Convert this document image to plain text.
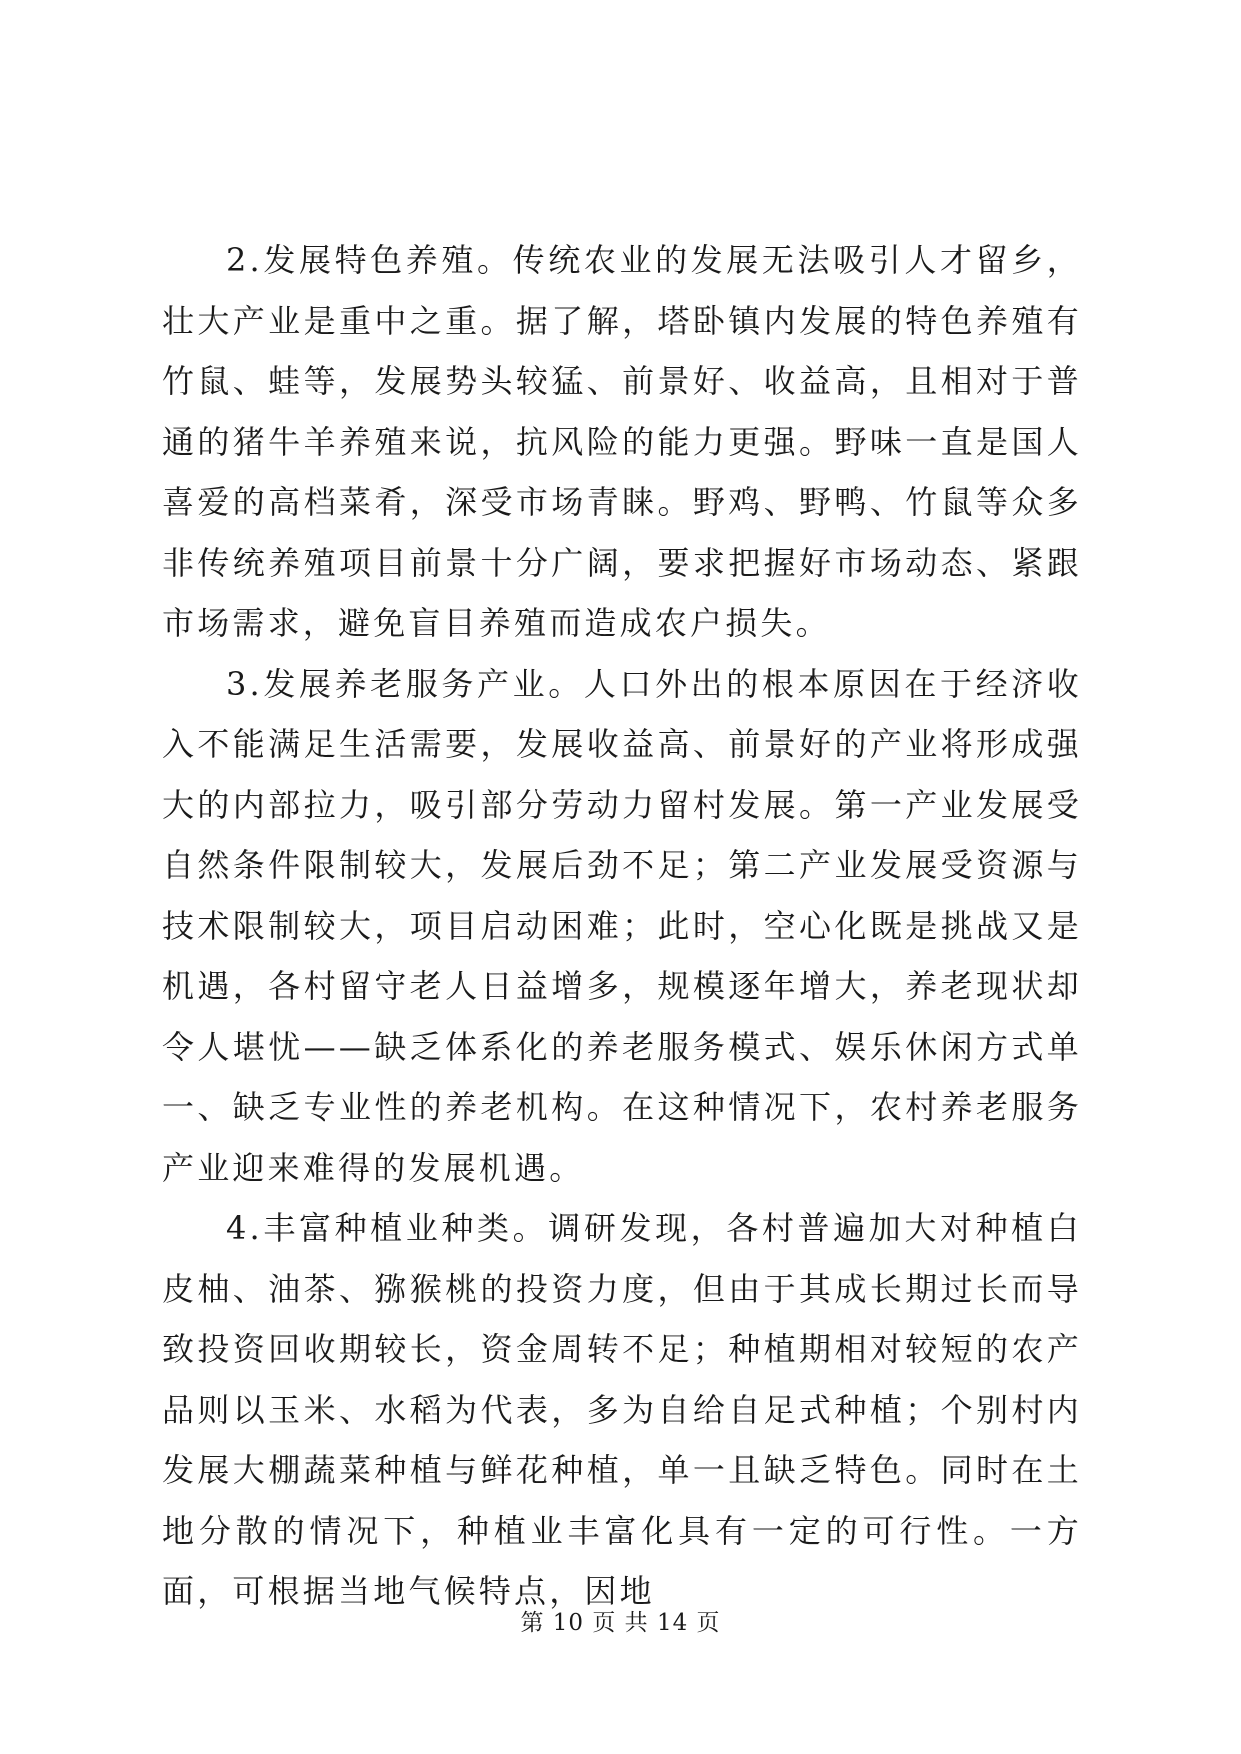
2.发展特色养殖。传统农业的发展无法吸引人才留乡，壮大产业是重中之重。据了解，塔卧镇内发展的特色养殖有竹鼠、蛙等，发展势头较猛、前景好、收益高，且相对于普通的猪牛羊养殖来说，抗风险的能力更强。野味一直是国人喜爱的高档菜肴，深受市场青睐。野鸡、野鸭、竹鼠等众多非传统养殖项目前景十分广阔，要求把握好市场动态、紧跟市场需求，避免盲目养殖而造成农户损失。

3.发展养老服务产业。人口外出的根本原因在于经济收入不能满足生活需要，发展收益高、前景好的产业将形成强大的内部拉力，吸引部分劳动力留村发展。第一产业发展受自然条件限制较大，发展后劲不足；第二产业发展受资源与技术限制较大，项目启动困难；此时，空心化既是挑战又是机遇，各村留守老人日益增多，规模逐年增大，养老现状却令人堪忧——缺乏体系化的养老服务模式、娱乐休闲方式单一、缺乏专业性的养老机构。在这种情况下，农村养老服务产业迎来难得的发展机遇。

4.丰富种植业种类。调研发现，各村普遍加大对种植白皮柚、油茶、猕猴桃的投资力度，但由于其成长期过长而导致投资回收期较长，资金周转不足；种植期相对较短的农产品则以玉米、水稻为代表，多为自给自足式种植；个别村内发展大棚蔬菜种植与鲜花种植，单一且缺乏特色。同时在土地分散的情况下，种植业丰富化具有一定的可行性。一方面，可根据当地气候特点，因地

第 10 页 共 14 页
